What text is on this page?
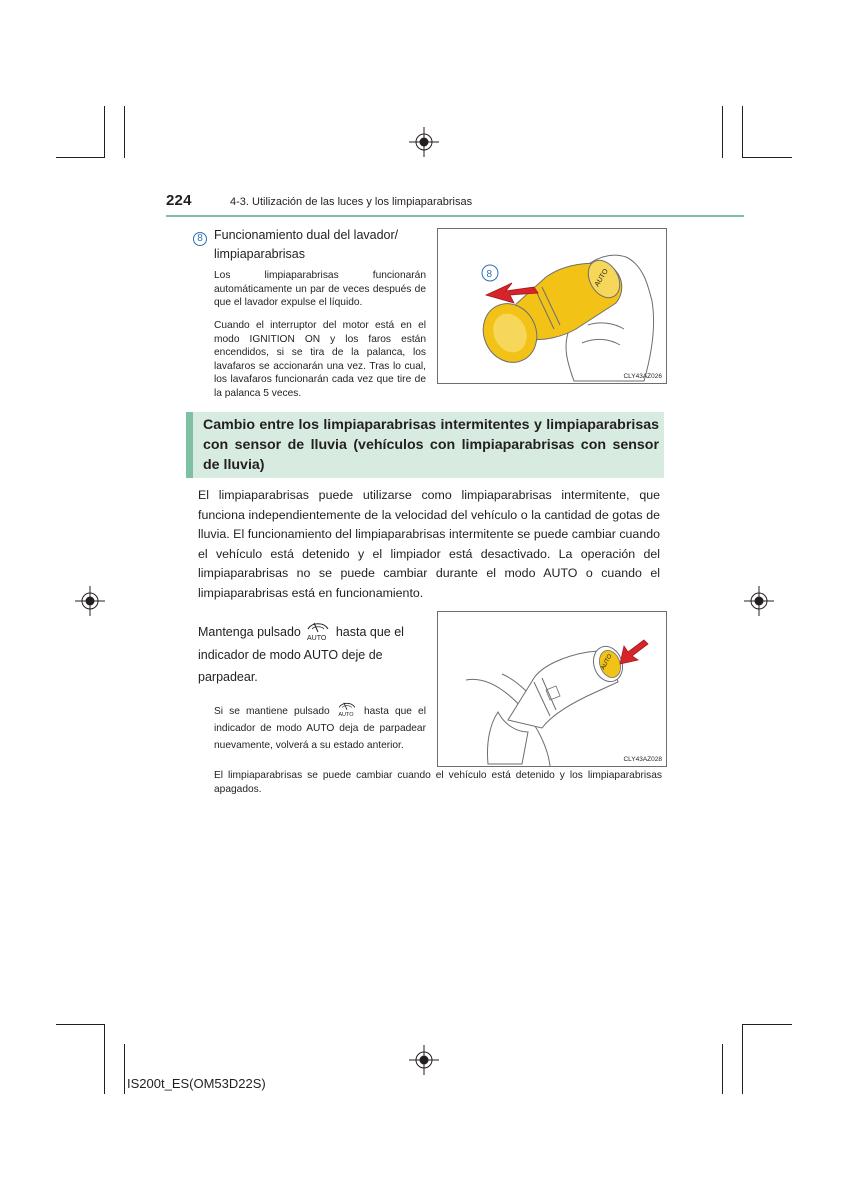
224	4-3. Utilización de las luces y los limpiaparabrisas
8 Funcionamiento dual del lavador/ limpiaparabrisas
Los limpiaparabrisas funcionarán automáticamente un par de veces después de que el lavador expulse el líquido.
Cuando el interruptor del motor está en el modo IGNITION ON y los faros están encendidos, si se tira de la palanca, los lavafaros se accionarán una vez. Tras lo cual, los lavafaros funcionarán cada vez que tire de la palanca 5 veces.
AUTO
8
CLY43AZ026
Cambio entre los limpiaparabrisas intermitentes y limpiaparabrisas con sensor de lluvia (vehículos con limpiaparabrisas con sensor de lluvia)
El limpiaparabrisas puede utilizarse como limpiaparabrisas intermitente, que funciona independientemente de la velocidad del vehículo o la cantidad de gotas de lluvia. El funcionamiento del limpiaparabrisas intermitente se puede cambiar cuando el vehículo está detenido y el limpiador está desactivado. La operación del limpiaparabrisas no se puede cambiar durante el modo AUTO o cuando el limpiaparabrisas está en funcionamiento.
Mantenga pulsado AUTO hasta que el indicador de modo AUTO deje de parpadear.
Si se mantiene pulsado AUTO hasta que el indicador de modo AUTO deja de parpadear nuevamente, volverá a su estado anterior.
AUTO
CLY43AZ028
El limpiaparabrisas se puede cambiar cuando el vehículo está detenido y los limpiaparabrisas apagados.
IS200t_ES(OM53D22S)
